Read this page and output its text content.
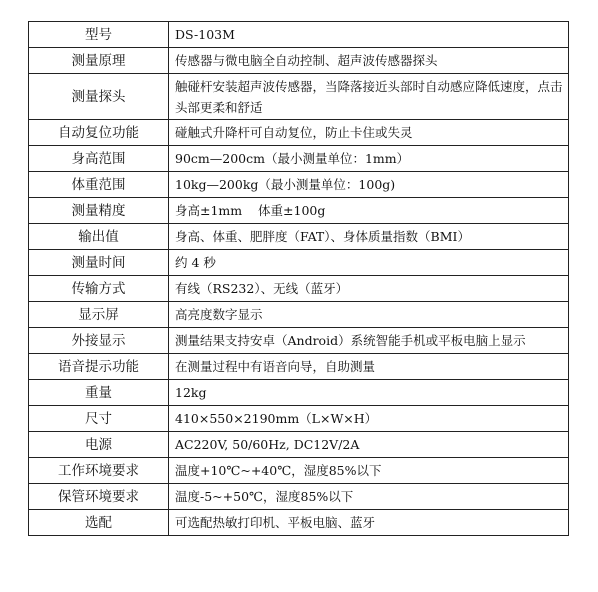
型号	DS-103M
测量原理	传感器与微电脑全自动控制、超声波传感器探头
测量探头	触碰杆安装超声波传感器，当降落接近头部时自动感应降低速度，点击头部更柔和舒适
自动复位功能	碰触式升降杆可自动复位，防止卡住或失灵
身高范围	90cm—200cm（最小测量单位：1mm）
体重范围	10kg—200kg（最小测量单位：100g)
测量精度	身高±1mm    体重±100g
输出值	身高、体重、肥胖度（FAT）、身体质量指数（BMI）
测量时间	约 4 秒
传输方式	有线（RS232）、无线（蓝牙）
显示屏	高亮度数字显示
外接显示	测量结果支持安卓（Android）系统智能手机或平板电脑上显示
语音提示功能	在测量过程中有语音向导，自助测量
重量	12kg
尺寸	410×550×2190mm（L×W×H）
电源	AC220V, 50/60Hz, DC12V/2A
工作环境要求	温度+10℃~+40℃，湿度85%以下
保管环境要求	温度-5~+50℃，湿度85%以下
选配	可选配热敏打印机、平板电脑、蓝牙
